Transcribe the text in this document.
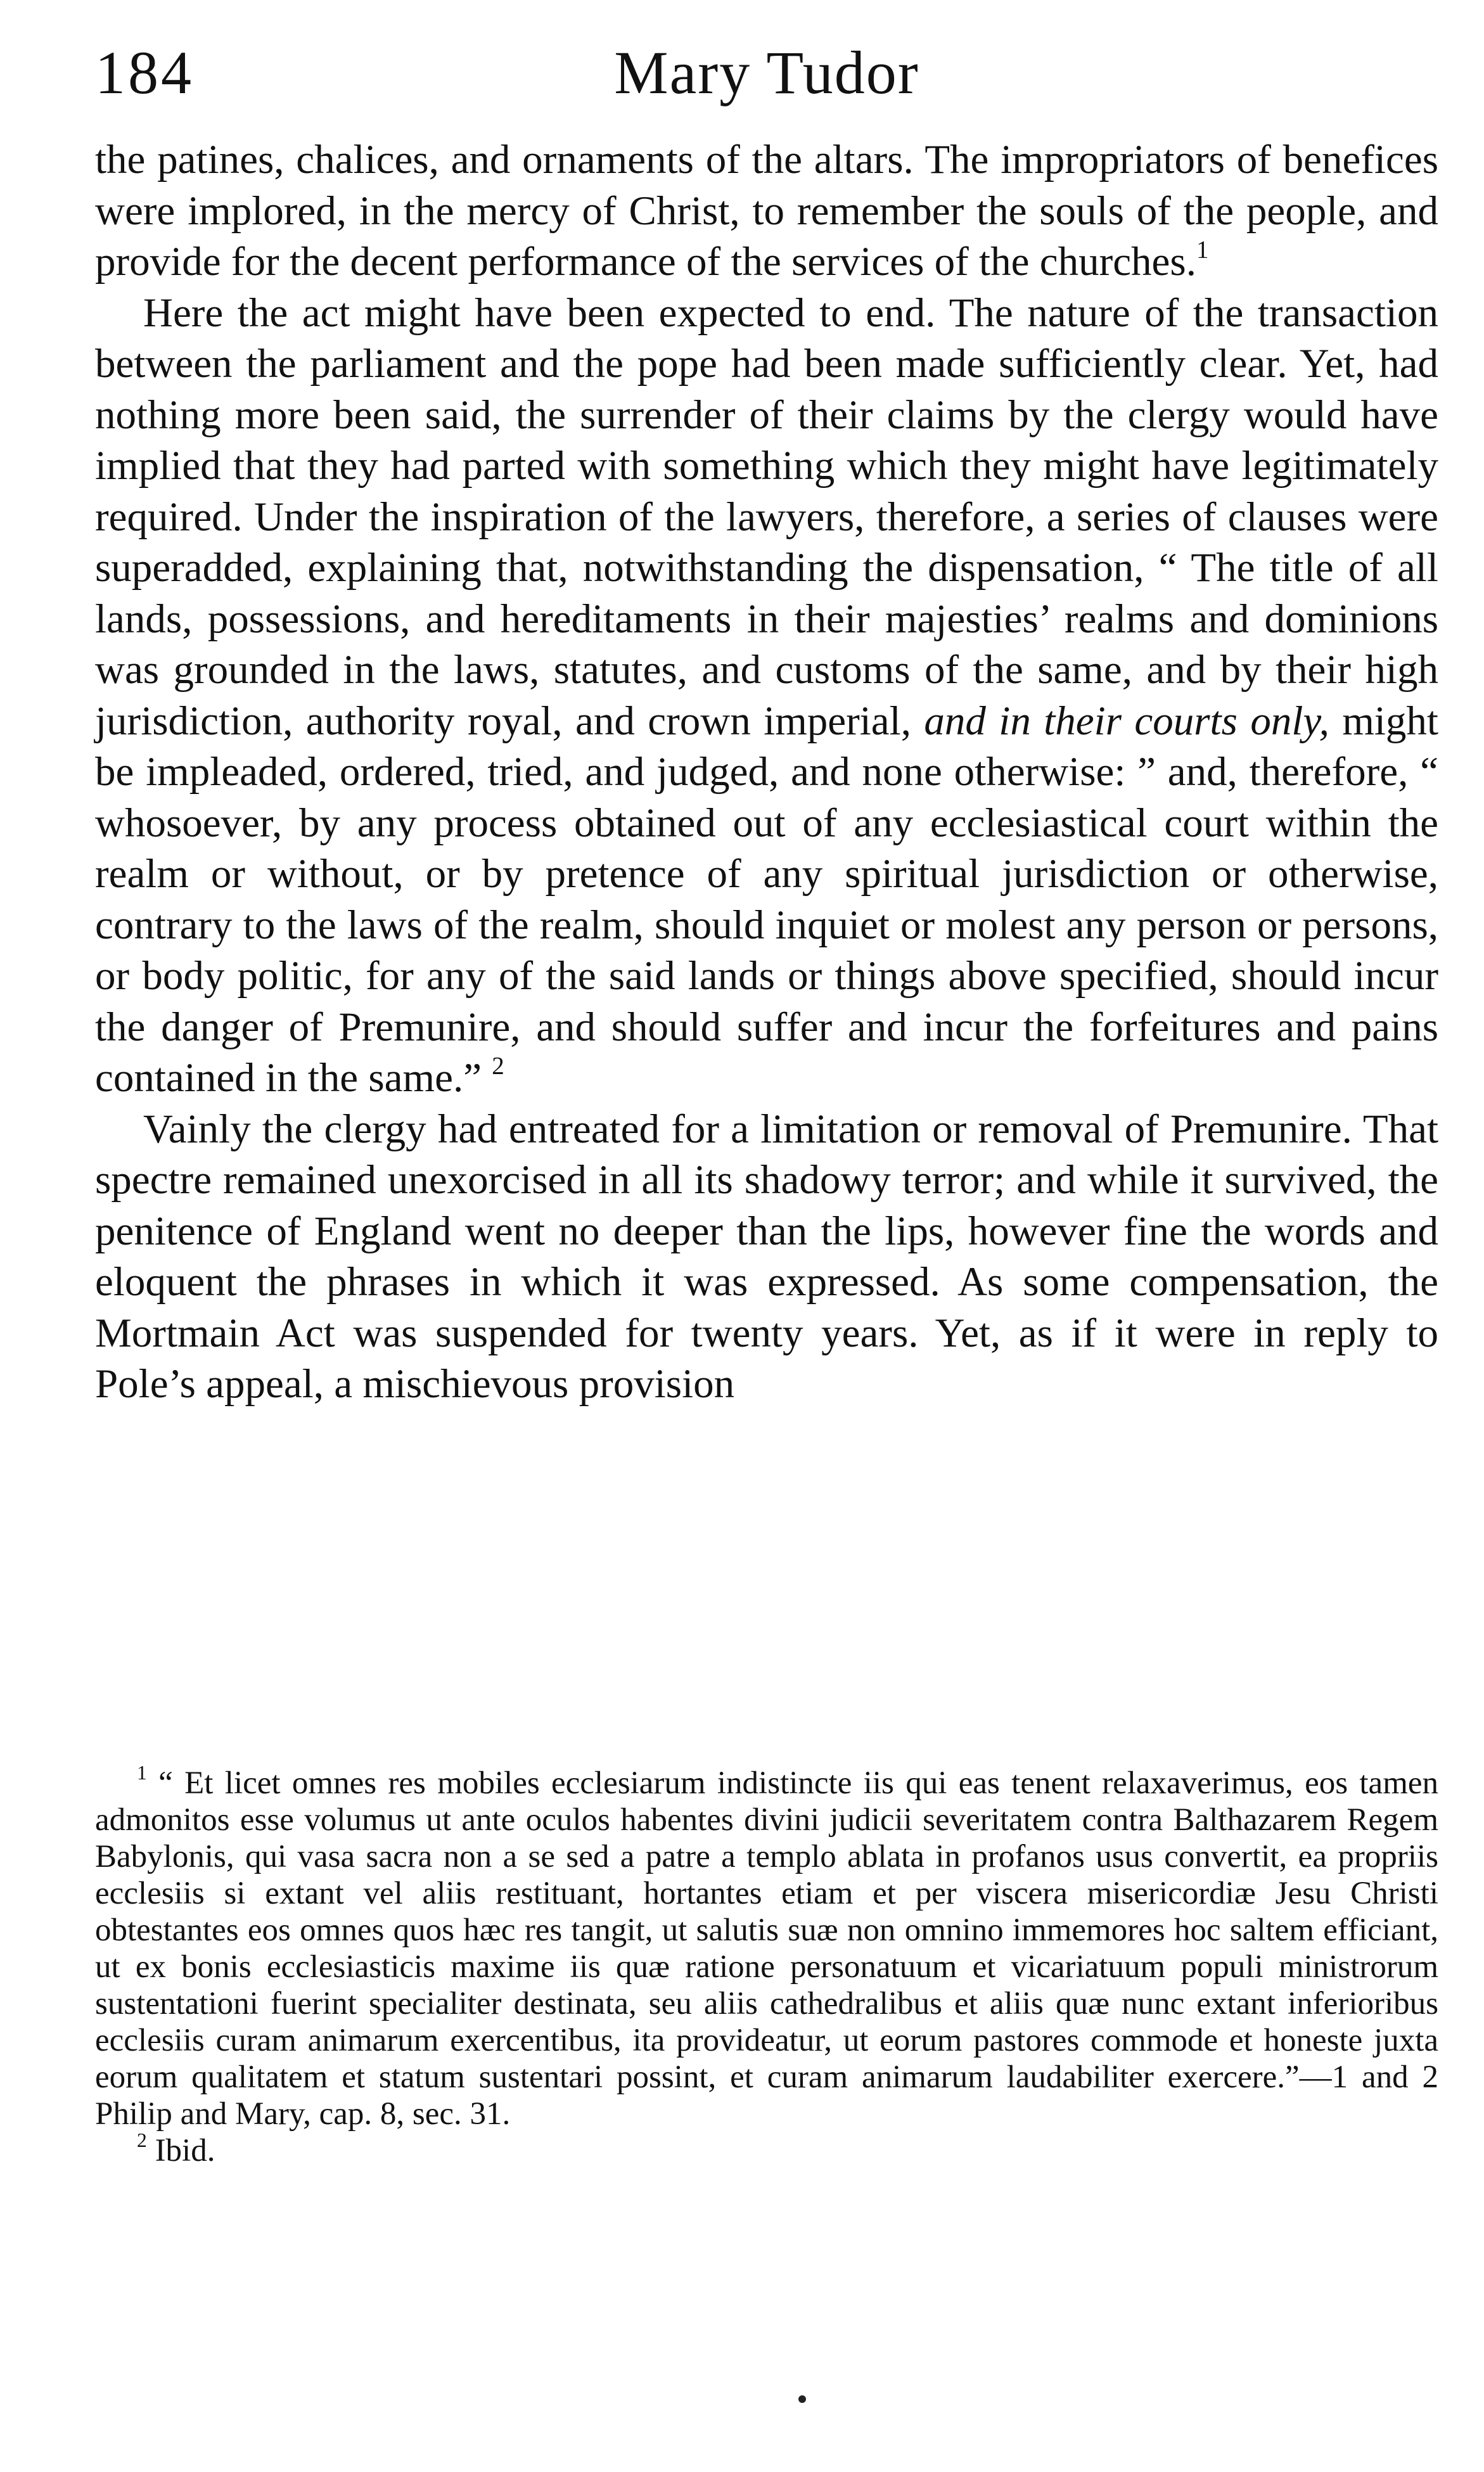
184	Mary Tudor

the patines, chalices, and ornaments of the altars. The impropriators of benefices were implored, in the mercy of Christ, to remember the souls of the people, and provide for the decent performance of the services of the churches.$^1$

Here the act might have been expected to end. The nature of the transaction between the parliament and the pope had been made sufficiently clear. Yet, had nothing more been said, the surrender of their claims by the clergy would have implied that they had parted with something which they might have legitimately required. Under the inspiration of the lawyers, therefore, a series of clauses were superadded, explaining that, notwithstanding the dispensation, “ The title of all lands, possessions, and hereditaments in their majesties’ realms and dominions was grounded in the laws, statutes, and customs of the same, and by their high jurisdiction, authority royal, and crown imperial, and in their courts only, might be impleaded, ordered, tried, and judged, and none otherwise: ” and, therefore, “ whosoever, by any process obtained out of any ecclesiastical court within the realm or without, or by pretence of any spiritual jurisdiction or otherwise, contrary to the laws of the realm, should inquiet or molest any person or persons, or body politic, for any of the said lands or things above specified, should incur the danger of Premunire, and should suffer and incur the forfeitures and pains contained in the same.” $^2$

Vainly the clergy had entreated for a limitation or removal of Premunire. That spectre remained unexorcised in all its shadowy terror; and while it survived, the penitence of England went no deeper than the lips, however fine the words and eloquent the phrases in which it was expressed. As some compensation, the Mortmain Act was suspended for twenty years. Yet, as if it were in reply to Pole’s appeal, a mischievous provision

$^1$ “ Et licet omnes res mobiles ecclesiarum indistincte iis qui eas tenent relaxaverimus, eos tamen admonitos esse volumus ut ante oculos habentes divini judicii severitatem contra Balthazarem Regem Babylonis, qui vasa sacra non a se sed a patre a templo ablata in profanos usus convertit, ea propriis ecclesiis si extant vel aliis restituant, hortantes etiam et per viscera misericordiæ Jesu Christi obtestantes eos omnes quos hæc res tangit, ut salutis suæ non omnino immemores hoc saltem efficiant, ut ex bonis ecclesiasticis maxime iis quæ ratione personatuum et vicariatuum populi ministrorum sustentationi fuerint specialiter destinata, seu aliis cathedralibus et aliis quæ nunc extant inferioribus ecclesiis curam animarum exercentibus, ita provideatur, ut eorum pastores commode et honeste juxta eorum qualitatem et statum sustentari possint, et curam animarum laudabiliter exercere.”—1 and 2 Philip and Mary, cap. 8, sec. 31.

$^2$ Ibid.
